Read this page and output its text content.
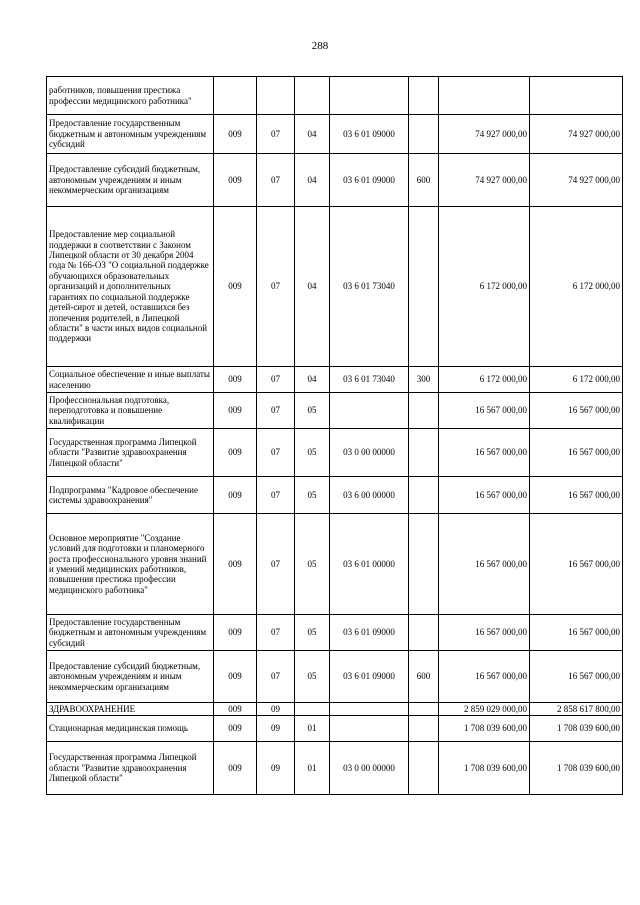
288
работников, повышения престижа профессии медицинского работника"							
Предоставление государственным бюджетным и автономным учреждениям субсидий	009	07	04	03 6 01 09000		74 927 000,00	74 927 000,00
Предоставление субсидий бюджетным, автономным учреждениям и иным некоммерческим организациям	009	07	04	03 6 01 09000	600	74 927 000,00	74 927 000,00
Предоставление мер социальной поддержки в соответствии с Законом Липецкой области от 30 декабря 2004 года № 166-ОЗ "О социальной поддержке обучающихся образовательных организаций и дополнительных гарантиях по социальной поддержке детей-сирот и детей, оставшихся без попечения родителей, в Липецкой области" в части иных видов социальной поддержки	009	07	04	03 6 01 73040		6 172 000,00	6 172 000,00
Социальное обеспечение и иные выплаты населению	009	07	04	03 6 01 73040	300	6 172 000,00	6 172 000,00
Профессиональная подготовка, переподготовка и повышение квалификации	009	07	05			16 567 000,00	16 567 000,00
Государственная программа Липецкой области "Развитие здравоохранения Липецкой области"	009	07	05	03 0 00 00000		16 567 000,00	16 567 000,00
Подпрограмма "Кадровое обеспечение системы здравоохранения"	009	07	05	03 6 00 00000		16 567 000,00	16 567 000,00
Основное мероприятие "Создание условий для подготовки и планомерного роста профессионального уровня знаний и умений медицинских работников, повышения престижа профессии медицинского работника"	009	07	05	03 6 01 00000		16 567 000,00	16 567 000,00
Предоставление государственным бюджетным и автономным учреждениям субсидий	009	07	05	03 6 01 09000		16 567 000,00	16 567 000,00
Предоставление субсидий бюджетным, автономным учреждениям и иным некоммерческим организациям	009	07	05	03 6 01 09000	600	16 567 000,00	16 567 000,00
ЗДРАВООХРАНЕНИЕ	009	09				2 859 029 000,00	2 858 617 800,00
Стационарная медицинская помощь	009	09	01			1 708 039 600,00	1 708 039 600,00
Государственная программа Липецкой области "Развитие здравоохранения Липецкой области"	009	09	01	03 0 00 00000		1 708 039 600,00	1 708 039 600,00
